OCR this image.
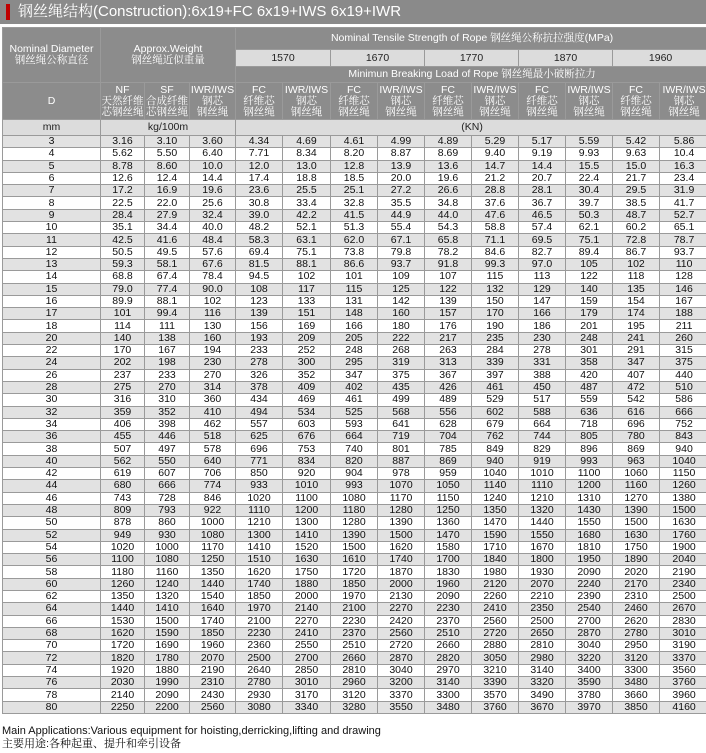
钢丝绳结构(Construction):6x19+FC 6x19+IWS 6x19+IWR
Nominal Diameter
钢丝绳公称直径	Approx.Weight
钢丝绳近似重量			Nominal Tensile Strength of Rope 钢丝绳公称抗拉强度(MPa)									
				1570		1670		1770		1870		1960	
				Minimun Breaking Load of Rope 钢丝绳最小破断拉力									
D	NF
天然纤维
芯钢丝绳	SF
合成纤维
芯钢丝绳	IWR/IWS
钢芯
钢丝绳	FC
纤维芯
钢丝绳	IWR/IWS
钢芯
钢丝绳	FC
纤维芯
钢丝绳	IWR/IWS
钢芯
钢丝绳	FC
纤维芯
钢丝绳	IWR/IWS
钢芯
钢丝绳	FC
纤维芯
钢丝绳	IWR/IWS
钢芯
钢丝绳	FC
纤维芯
钢丝绳	IWR/IWS
钢芯
钢丝绳

mm	kg/100m			(KN)									
3	3.16	3.10	3.60	4.34	4.69	4.61	4.99	4.89	5.29	5.17	5.59	5.42	5.86
4	5.62	5.50	6.40	7.71	8.34	8.20	8.87	8.69	9.40	9.19	9.93	9.63	10.4
5	8.78	8.60	10.0	12.0	13.0	12.8	13.9	13.6	14.7	14.4	15.5	15.0	16.3
6	12.6	12.4	14.4	17.4	18.8	18.5	20.0	19.6	21.2	20.7	22.4	21.7	23.4
7	17.2	16.9	19.6	23.6	25.5	25.1	27.2	26.6	28.8	28.1	30.4	29.5	31.9
8	22.5	22.0	25.6	30.8	33.4	32.8	35.5	34.8	37.6	36.7	39.7	38.5	41.7
9	28.4	27.9	32.4	39.0	42.2	41.5	44.9	44.0	47.6	46.5	50.3	48.7	52.7
10	35.1	34.4	40.0	48.2	52.1	51.3	55.4	54.3	58.8	57.4	62.1	60.2	65.1
11	42.5	41.6	48.4	58.3	63.1	62.0	67.1	65.8	71.1	69.5	75.1	72.8	78.7
12	50.5	49.5	57.6	69.4	75.1	73.8	79.8	78.2	84.6	82.7	89.4	86.7	93.7
13	59.3	58.1	67.6	81.5	88.1	86.6	93.7	91.8	99.3	97.0	105	102	110
14	68.8	67.4	78.4	94.5	102	101	109	107	115	113	122	118	128
15	79.0	77.4	90.0	108	117	115	125	122	132	129	140	135	146
16	89.9	88.1	102	123	133	131	142	139	150	147	159	154	167
17	101	99.4	116	139	151	148	160	157	170	166	179	174	188
18	114	111	130	156	169	166	180	176	190	186	201	195	211
20	140	138	160	193	209	205	222	217	235	230	248	241	260
22	170	167	194	233	252	248	268	263	284	278	301	291	315
24	202	198	230	278	300	295	319	313	339	331	358	347	375
26	237	233	270	326	352	347	375	367	397	388	420	407	440
28	275	270	314	378	409	402	435	426	461	450	487	472	510
30	316	310	360	434	469	461	499	489	529	517	559	542	586
32	359	352	410	494	534	525	568	556	602	588	636	616	666
34	406	398	462	557	603	593	641	628	679	664	718	696	752
36	455	446	518	625	676	664	719	704	762	744	805	780	843
38	507	497	578	696	753	740	801	785	849	829	896	869	940
40	562	550	640	771	834	820	887	869	940	919	993	963	1040
42	619	607	706	850	920	904	978	959	1040	1010	1100	1060	1150
44	680	666	774	933	1010	993	1070	1050	1140	1110	1200	1160	1260
46	743	728	846	1020	1100	1080	1170	1150	1240	1210	1310	1270	1380
48	809	793	922	1110	1200	1180	1280	1250	1350	1320	1430	1390	1500
50	878	860	1000	1210	1300	1280	1390	1360	1470	1440	1550	1500	1630
52	949	930	1080	1300	1410	1390	1500	1470	1590	1550	1680	1630	1760
54	1020	1000	1170	1410	1520	1500	1620	1580	1710	1670	1810	1750	1900
56	1100	1080	1250	1510	1630	1610	1740	1700	1840	1800	1950	1890	2040
58	1180	1160	1350	1620	1750	1720	1870	1830	1980	1930	2090	2020	2190
60	1260	1240	1440	1740	1880	1850	2000	1960	2120	2070	2240	2170	2340
62	1350	1320	1540	1850	2000	1970	2130	2090	2260	2210	2390	2310	2500
64	1440	1410	1640	1970	2140	2100	2270	2230	2410	2350	2540	2460	2670
66	1530	1500	1740	2100	2270	2230	2420	2370	2560	2500	2700	2620	2830
68	1620	1590	1850	2230	2410	2370	2560	2510	2720	2650	2870	2780	3010
70	1720	1690	1960	2360	2550	2510	2720	2660	2880	2810	3040	2950	3190
72	1820	1780	2070	2500	2700	2660	2870	2820	3050	2980	3220	3120	3370
74	1920	1880	2190	2640	2850	2810	3040	2970	3210	3140	3400	3300	3560
76	2030	1990	2310	2780	3010	2960	3200	3140	3390	3320	3590	3480	3760
78	2140	2090	2430	2930	3170	3120	3370	3300	3570	3490	3780	3660	3960
80	2250	2200	2560	3080	3340	3280	3550	3480	3760	3670	3970	3850	4160
Main Applications:Various equipment for hoisting,derricking,lifting and drawing
主要用途:各种起重、提升和牵引设备
